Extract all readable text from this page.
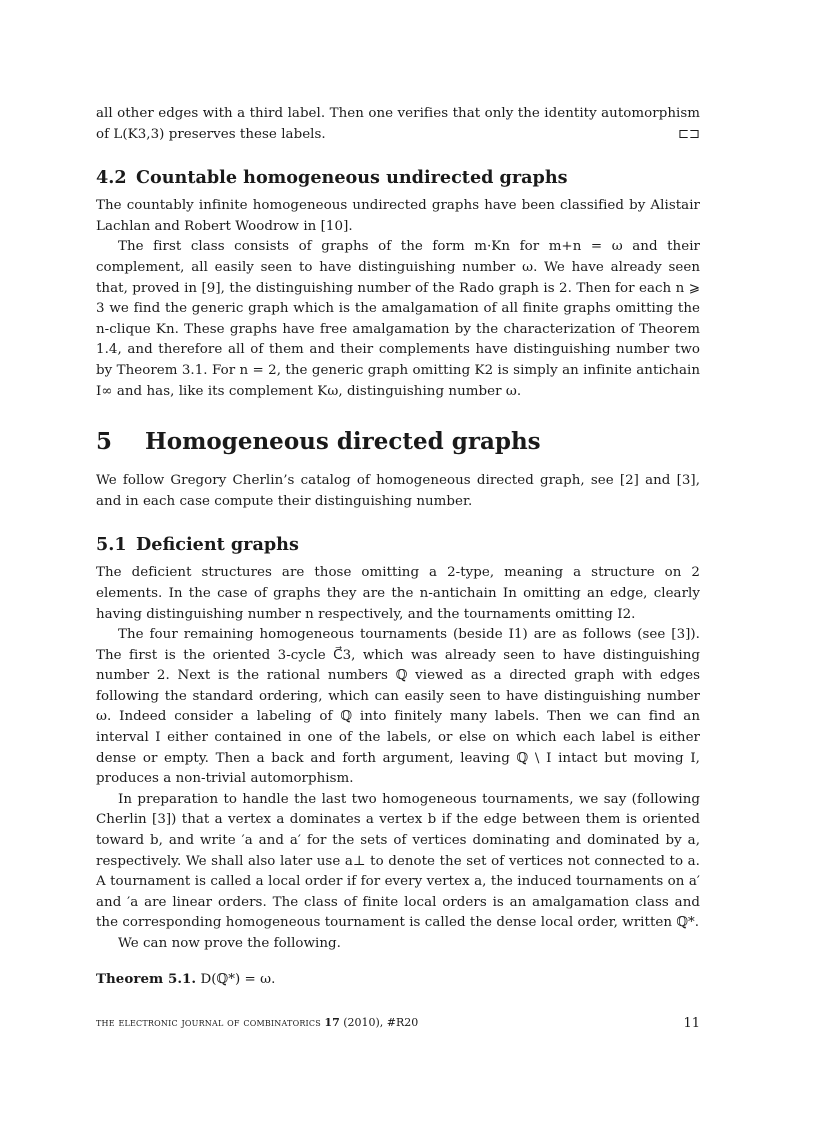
all other edges with a third label. Then one verifies that only the identity automorphism of L(K3,3) preserves these labels.	⊏⊐
4.2 Countable homogeneous undirected graphs

The countably infinite homogeneous undirected graphs have been classified by Alistair Lachlan and Robert Woodrow in [10].

The first class consists of graphs of the form m·Kn for m+n = ω and their complement, all easily seen to have distinguishing number ω. We have already seen that, proved in [9], the distinguishing number of the Rado graph is 2. Then for each n ⩾ 3 we find the generic graph which is the amalgamation of all finite graphs omitting the n-clique Kn. These graphs have free amalgamation by the characterization of Theorem 1.4, and therefore all of them and their complements have distinguishing number two by Theorem 3.1. For n = 2, the generic graph omitting K2 is simply an infinite antichain I∞ and has, like its complement Kω, distinguishing number ω.

5 Homogeneous directed graphs

We follow Gregory Cherlin’s catalog of homogeneous directed graph, see [2] and [3], and in each case compute their distinguishing number.

5.1 Deficient graphs

The deficient structures are those omitting a 2-type, meaning a structure on 2 elements. In the case of graphs they are the n-antichain In omitting an edge, clearly having distinguishing number n respectively, and the tournaments omitting I2.

The four remaining homogeneous tournaments (beside I1) are as follows (see [3]). The first is the oriented 3-cycle C⃗3, which was already seen to have distinguishing number 2. Next is the rational numbers ℚ viewed as a directed graph with edges following the standard ordering, which can easily seen to have distinguishing number ω. Indeed consider a labeling of ℚ into finitely many labels. Then we can find an interval I either contained in one of the labels, or else on which each label is either dense or empty. Then a back and forth argument, leaving ℚ \ I intact but moving I, produces a non-trivial automorphism.

In preparation to handle the last two homogeneous tournaments, we say (following Cherlin [3]) that a vertex a dominates a vertex b if the edge between them is oriented toward b, and write ′a and a′ for the sets of vertices dominating and dominated by a, respectively. We shall also later use a⊥ to denote the set of vertices not connected to a. A tournament is called a local order if for every vertex a, the induced tournaments on a′ and ′a are linear orders. The class of finite local orders is an amalgamation class and the corresponding homogeneous tournament is called the dense local order, written ℚ*.

We can now prove the following.

Theorem 5.1. D(ℚ*) = ω.

the electronic journal of combinatorics 17 (2010), #R20	11
